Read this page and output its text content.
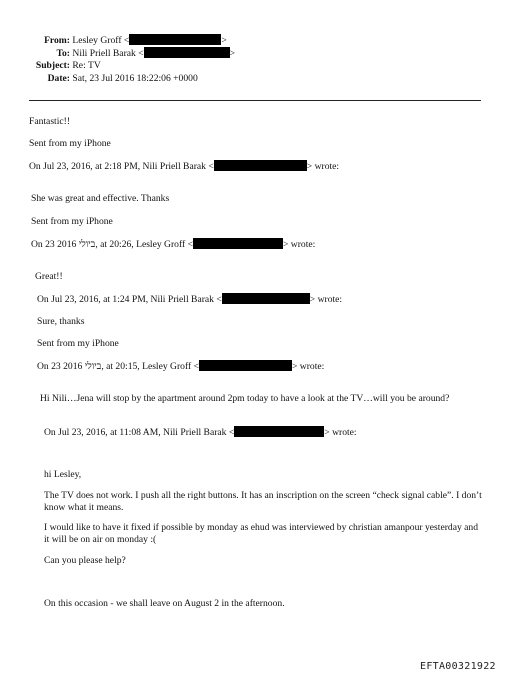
From: Lesley Groff <	>
To: Nili Priell Barak <	>
Subject: Re: TV
Date: Sat, 23 Jul 2016 18:22:06 +0000
Fantastic!!
Sent from my iPhone
On Jul 23, 2016, at 2:18 PM, Nili Priell Barak <	> wrote:
She was great and effective. Thanks
Sent from my iPhone
On 23 2016 ביולי, at 20:26, Lesley Groff <	> wrote:
Great!!
On Jul 23, 2016, at 1:24 PM, Nili Priell Barak <	> wrote:
Sure, thanks
Sent from my iPhone
On 23 2016 ביולי, at 20:15, Lesley Groff <	> wrote:
Hi Nili…Jena will stop by the apartment around 2pm today to have a look at the TV…will you be around?
On Jul 23, 2016, at 11:08 AM, Nili Priell Barak <	> wrote:
hi Lesley,
The TV does not work. I push all the right buttons. It has an inscription on the screen “check signal cable”. I don’t know what it means.
I would like to have it fixed if possible by monday as ehud was interviewed by christian amanpour yesterday and it will be on air on monday :(
Can you please help?
On this occasion - we shall leave on August 2 in the afternoon.
EFTA00321922
